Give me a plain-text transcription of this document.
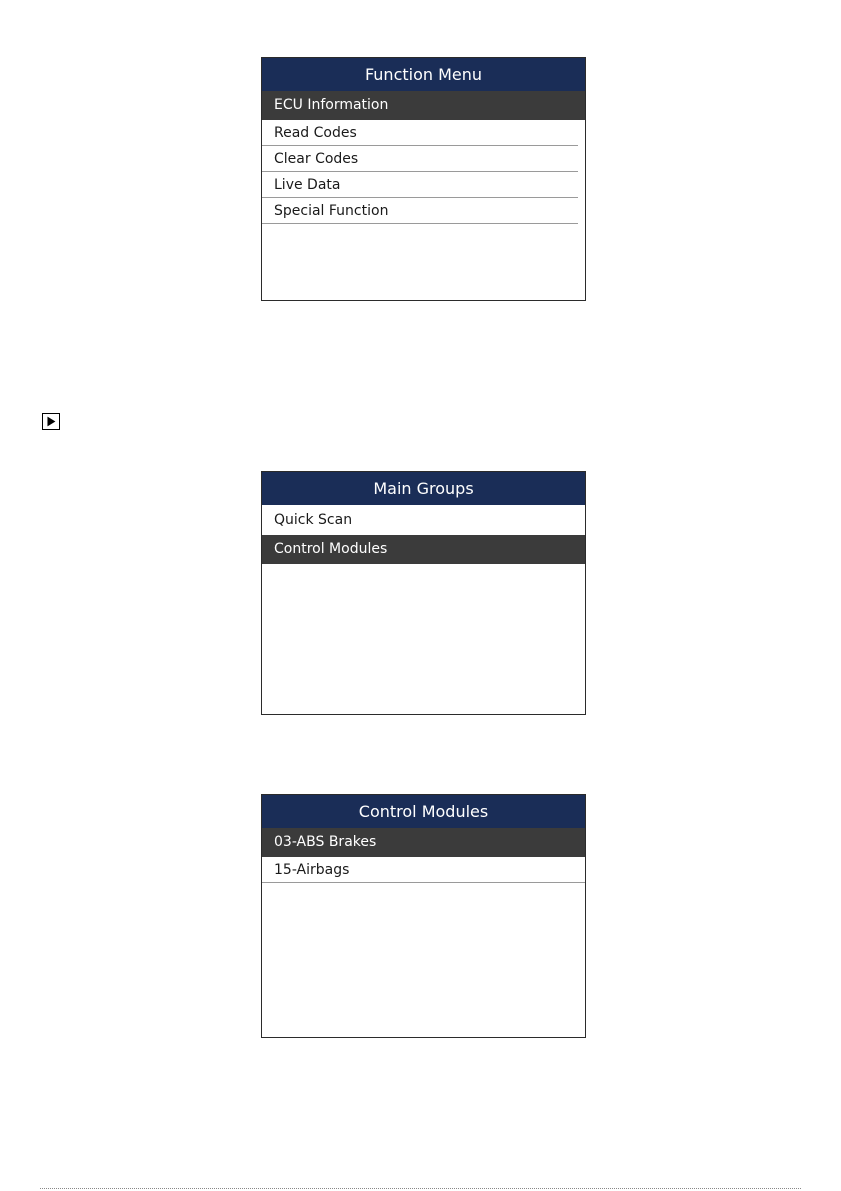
Function Menu
ECU Information
Read Codes
Clear Codes
Live Data
Special Function
Main Groups
Quick Scan
Control Modules
Control Modules
03-ABS Brakes
15-Airbags
